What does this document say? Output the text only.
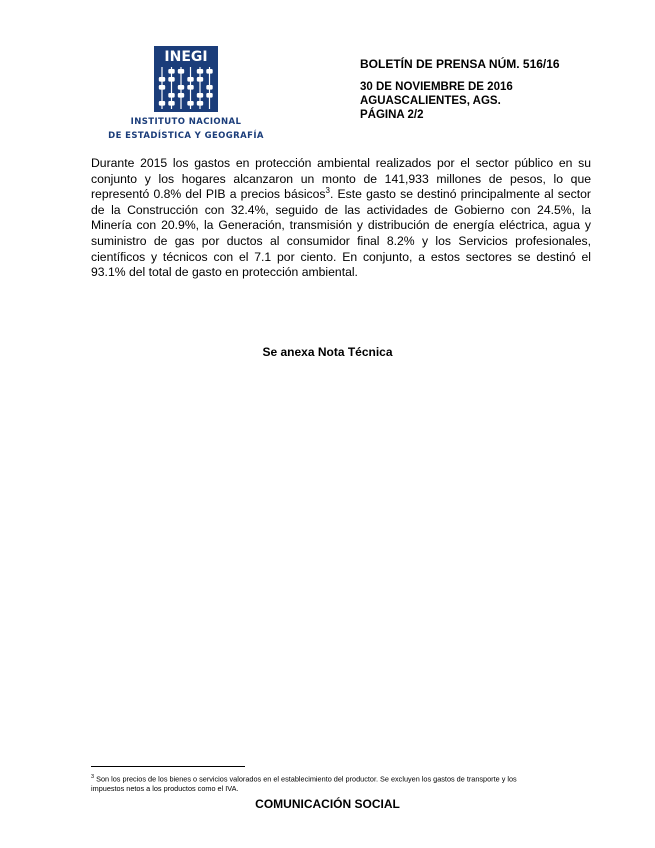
INEGI
INSTITUTO NACIONAL
DE ESTADÍSTICA Y GEOGRAFÍA
BOLETÍN DE PRENSA NÚM. 516/16
30 DE NOVIEMBRE DE 2016
AGUASCALIENTES, AGS.
PÁGINA 2/2
Durante 2015 los gastos en protección ambiental realizados por el sector público en su conjunto y los hogares alcanzaron un monto de 141,933 millones de pesos, lo que representó 0.8% del PIB a precios básicos$^3$. Este gasto se destinó principalmente al sector de la Construcción con 32.4%, seguido de las actividades de Gobierno con 24.5%, la Minería con 20.9%, la Generación, transmisión y distribución de energía eléctrica, agua y suministro de gas por ductos al consumidor final 8.2% y los Servicios profesionales, científicos y técnicos con el 7.1 por ciento. En conjunto, a estos sectores se destinó el 93.1% del total de gasto en protección ambiental.
Se anexa Nota Técnica
$^3$ Son los precios de los bienes o servicios valorados en el establecimiento del productor. Se excluyen los gastos de transporte y los impuestos netos a los productos como el IVA.
COMUNICACIÓN SOCIAL
